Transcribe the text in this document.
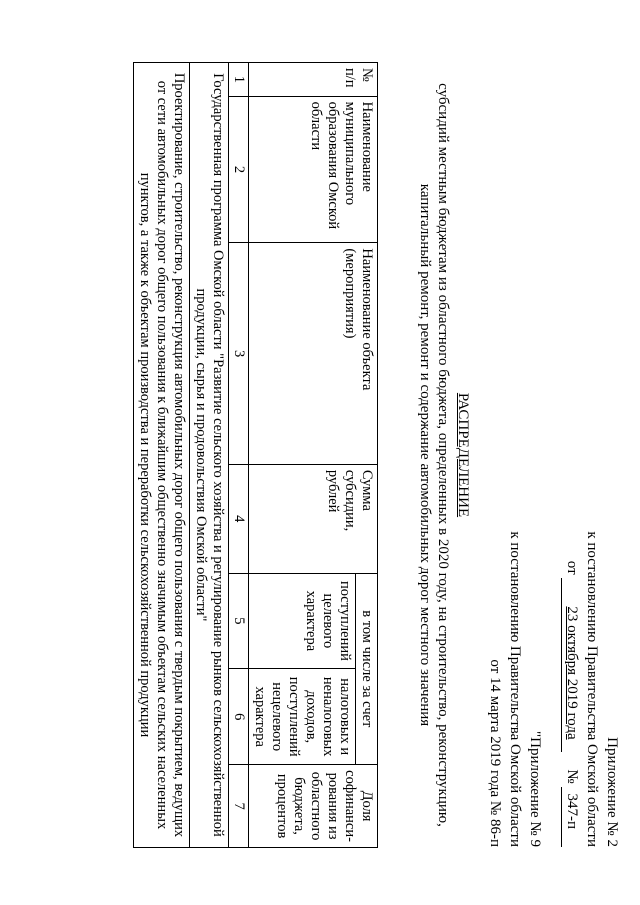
Приложение № 2
к постановлению Правительства Омской области
от 23 октября 2019 года № 347-п
"Приложение № 9
к постановлению Правительства Омской области
от 14 марта 2019 года № 86-п
РАСПРЕДЕЛЕНИЕ
субсидий местным бюджетам из областного бюджета, определенных в 2020 году, на строительство, реконструкцию,
капитальный ремонт, ремонт и содержание автомобильных дорог местного значения
№ п/п	Наименование муниципального образования Омской области	Наименование объекта (мероприятия)	Сумма субсидии, рублей	в том числе за счет		Доля софинанси-рования из областного бюджета, процентов
				поступлений целевого характера	налоговых и неналоговых доходов, поступлений нецелевого характера	
1	2	3	4	5	6	7
Государственная программа Омской области "Развитие сельского хозяйства и регулирование рынков сельскохозяйственной продукции, сырья и продовольствия Омской области"						
Проектирование, строительство, реконструкция автомобильных дорог общего пользования с твердым покрытием, ведущих от сети автомобильных дорог общего пользования к ближайшим общественно значимым объектам сельских населенных пунктов, а также к объектам производства и переработки сельскохозяйственной продукции						
